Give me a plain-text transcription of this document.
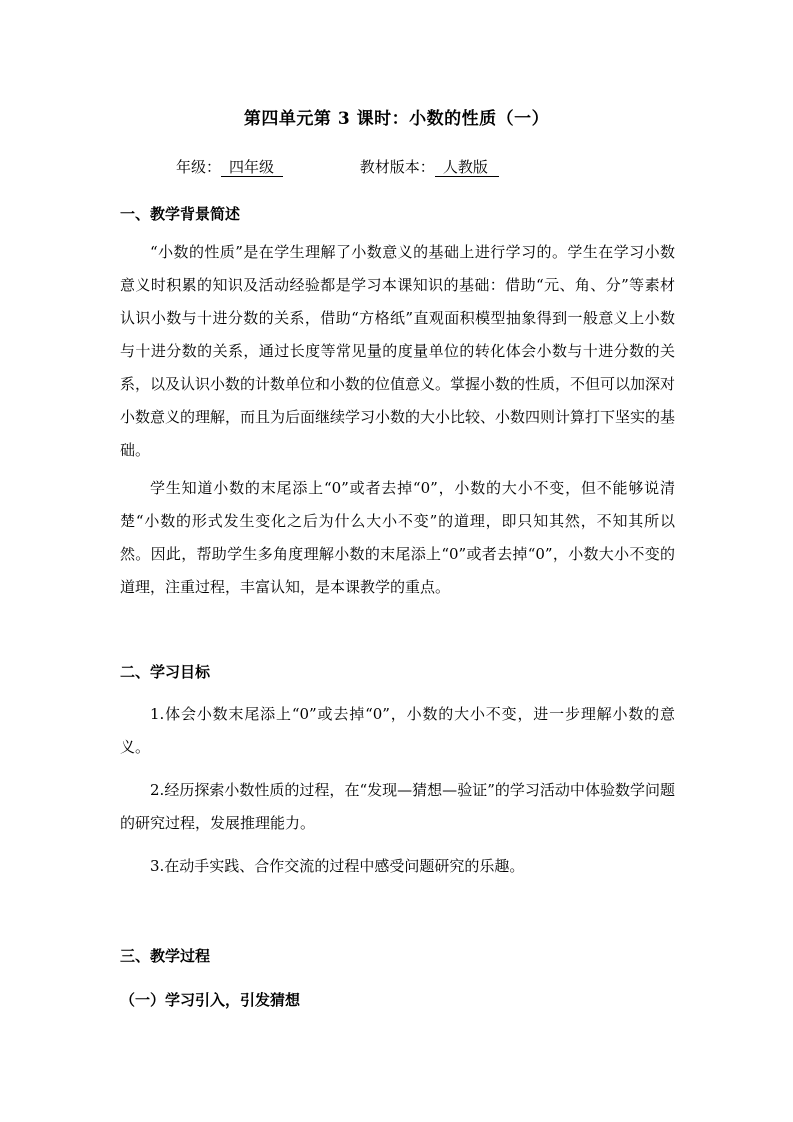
第四单元第 3 课时：小数的性质（一）
年级： 四年级	教材版本： 人教版
一、教学背景简述

“小数的性质”是在学生理解了小数意义的基础上进行学习的。学生在学习小数意义时积累的知识及活动经验都是学习本课知识的基础：借助“元、角、分”等素材认识小数与十进分数的关系，借助“方格纸”直观面积模型抽象得到一般意义上小数与十进分数的关系，通过长度等常见量的度量单位的转化体会小数与十进分数的关系，以及认识小数的计数单位和小数的位值意义。掌握小数的性质，不但可以加深对小数意义的理解，而且为后面继续学习小数的大小比较、小数四则计算打下坚实的基础。

学生知道小数的末尾添上“0”或者去掉“0”，小数的大小不变，但不能够说清楚“小数的形式发生变化之后为什么大小不变”的道理，即只知其然，不知其所以然。因此，帮助学生多角度理解小数的末尾添上“0”或者去掉“0”，小数大小不变的道理，注重过程，丰富认知，是本课教学的重点。

二、学习目标

1.体会小数末尾添上“0”或去掉“0”，小数的大小不变，进一步理解小数的意义。

2.经历探索小数性质的过程，在“发现—猜想—验证”的学习活动中体验数学问题的研究过程，发展推理能力。

3.在动手实践、合作交流的过程中感受问题研究的乐趣。

三、教学过程
（一）学习引入，引发猜想
